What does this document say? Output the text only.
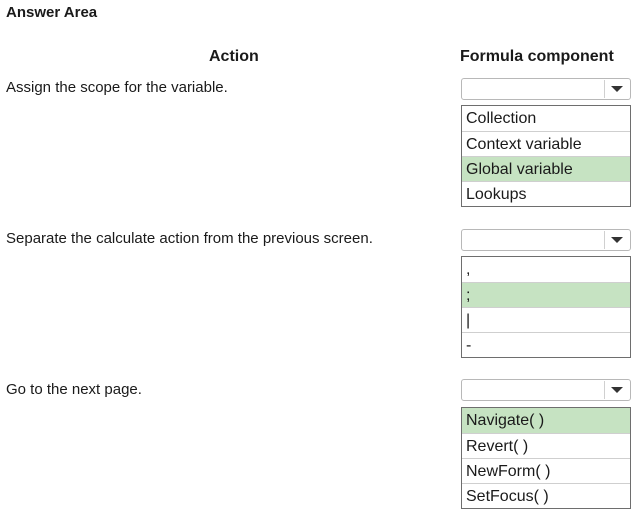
Answer Area
Action	Formula component
Assign the scope for the variable.
Collection
Context variable
Global variable
Lookups
Separate the calculate action from the previous screen.
,
;
|
-
Go to the next page.
Navigate( )
Revert( )
NewForm( )
SetFocus( )
